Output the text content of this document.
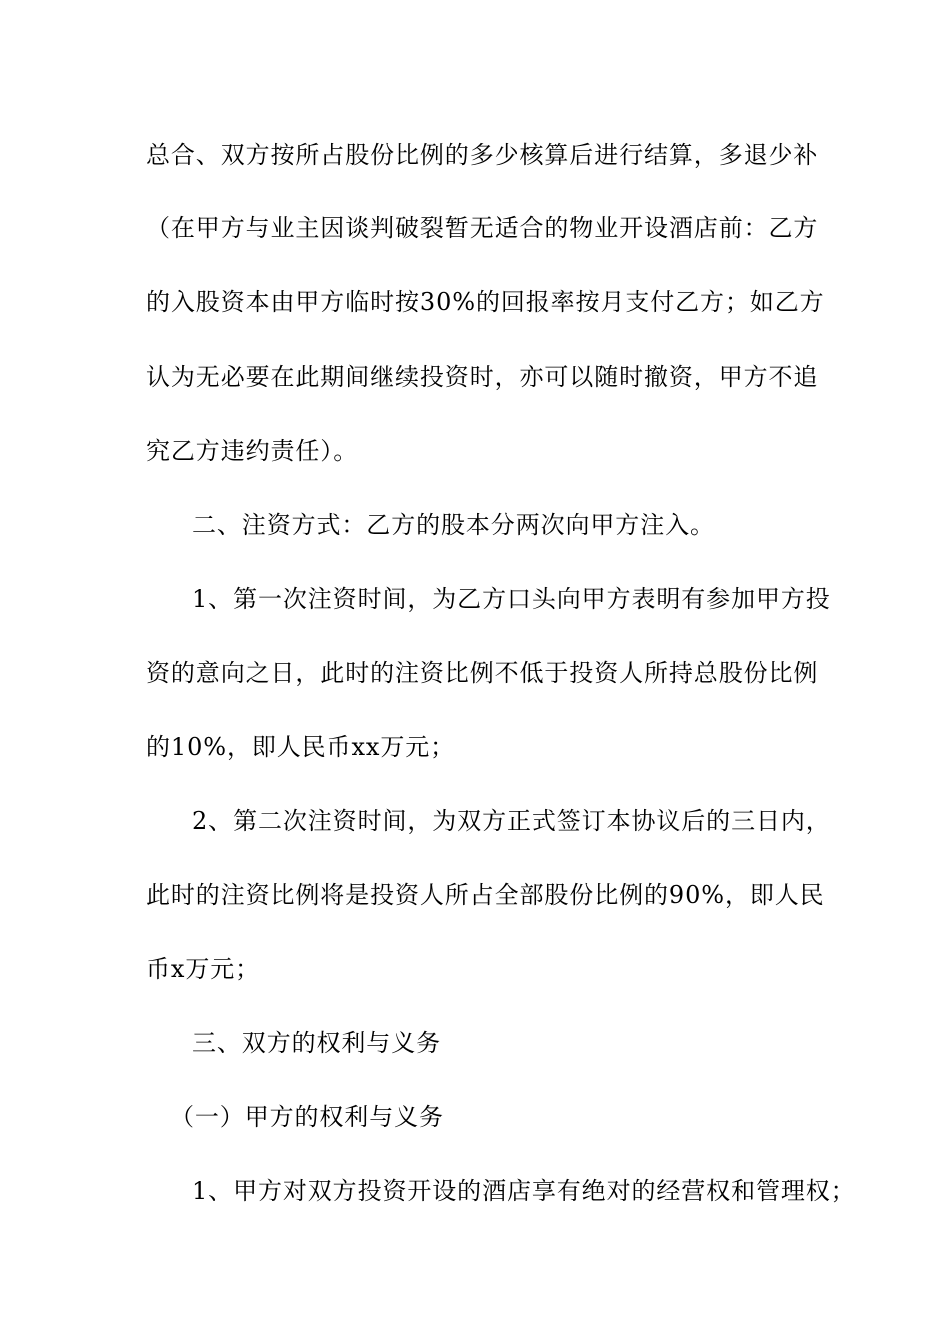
总合、双方按所占股份比例的多少核算后进行结算，多退少补
（在甲方与业主因谈判破裂暂无适合的物业开设酒店前：乙方
的入股资本由甲方临时按30%的回报率按月支付乙方；如乙方
认为无必要在此期间继续投资时，亦可以随时撤资，甲方不追
究乙方违约责任）。
二、注资方式：乙方的股本分两次向甲方注入。
1、第一次注资时间，为乙方口头向甲方表明有参加甲方投
资的意向之日，此时的注资比例不低于投资人所持总股份比例
的10%，即人民币xx万元；
2、第二次注资时间，为双方正式签订本协议后的三日内，
此时的注资比例将是投资人所占全部股份比例的90%，即人民
币x万元；
三、双方的权利与义务
（一）甲方的权利与义务
1、甲方对双方投资开设的酒店享有绝对的经营权和管理权；
